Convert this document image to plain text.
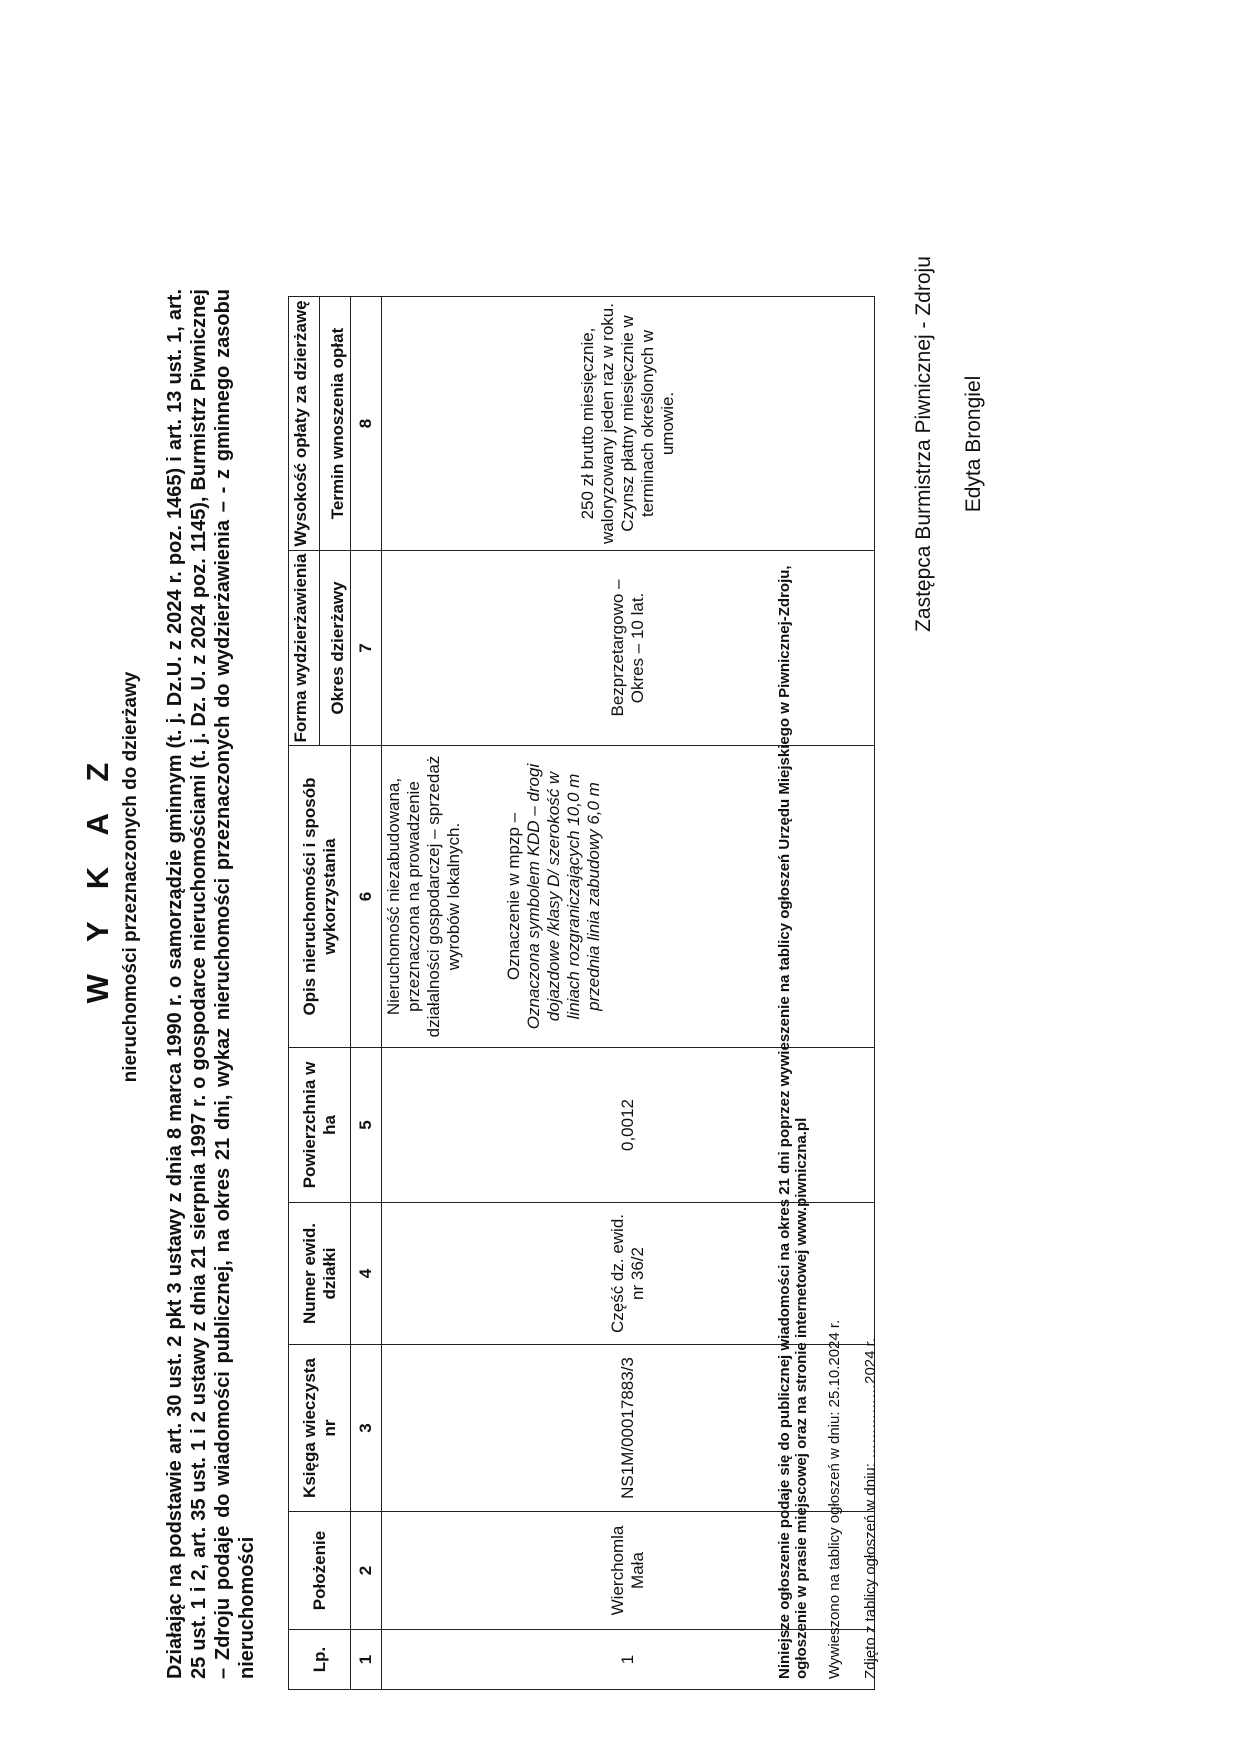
W Y K A Z nieruchomości przeznaczonych do dzierżawy Działając na podstawie art. 30 ust. 2 pkt 3 ustawy z dnia 8 marca 1990 r. o samorządzie gminnym (t. j. Dz.U. z 2024 r. poz. 1465) i art. 13 ust. 1, art. 25 ust. 1 i 2, art. 35 ust. 1 i 2 ustawy z dnia 21 sierpnia 1997 r. o gospodarce nieruchomościami (t. j. Dz. U. z 2024 poz. 1145), Burmistrz Piwnicznej – Zdroju podaje do wiadomości publicznej, na okres 21 dni, wykaz nieruchomości przeznaczonych do wydzierżawienia – - z gminnego zasobu nieruchomości	Lp.	Położenie	Księga wieczysta nr	Numer ewid. działki	Powierzchnia w ha	Opis nieruchomości i sposób wykorzystania	Forma wydzierżawienia Okres dzierżawy	Wysokość opłaty za dzierżawę Termin wnoszenia opłat

1	2	3	4	5	6	7	8
1	Wierchomla Mała	NS1M/00017883/3	Część dz. ewid. nr 36/2	0,0012	Nieruchomość niezabudowana, przeznaczona na prowadzenie działalności gospodarczej – sprzedaż wyrobów lokalnych. Oznaczenie w mpzp – Oznaczona symbolem KDD – drogi dojazdowe /klasy D/ szerokość w liniach rozgraniczających 10,0 m przednia linia zabudowy 6,0 m	Bezprzetargowo – Okres – 10 lat.	250 zł brutto miesięcznie, waloryzowany jeden raz w roku. Czynsz płatny miesięcznie w terminach określonych w umowie.
Niniejsze ogłoszenie podaje się do publicznej wiadomości na okres 21 dni poprzez wywieszenie na tablicy ogłoszeń Urzędu Miejskiego w Piwnicznej-Zdroju, ogłoszenie w prasie miejscowej oraz na stronie internetowej www.piwniczna.pl Wywieszono na tablicy ogłoszeń w dniu: 25.10.2024 r. Zdjęto z tablicy ogłoszeń w dniu: ……………2024 r.
Zastępca Burmistrza Piwnicznej - Zdroju Edyta Brongiel
